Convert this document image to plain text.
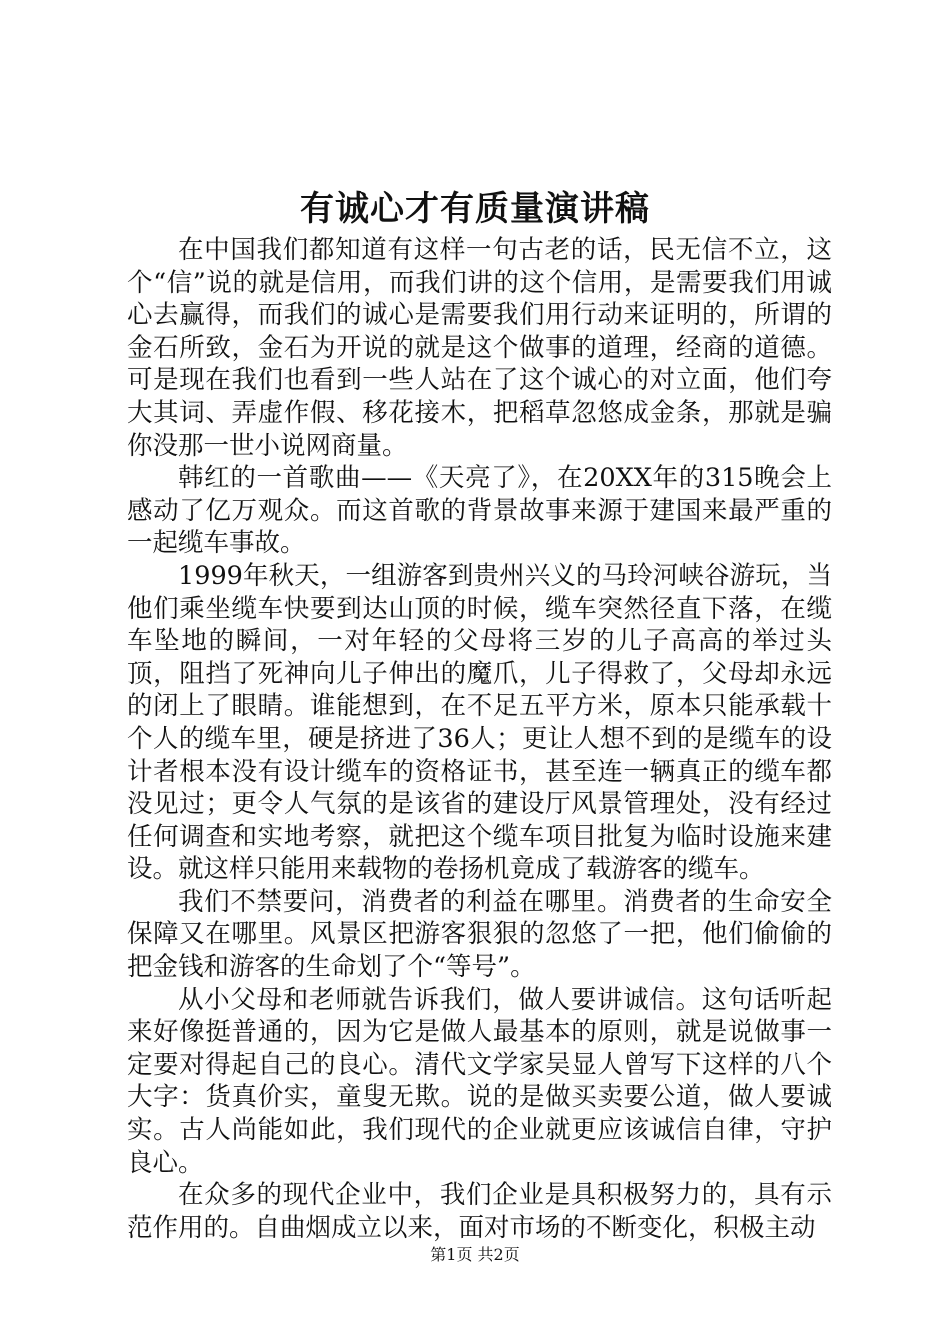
有诚心才有质量演讲稿

在中国我们都知道有这样一句古老的话，民无信不立，这个“信”说的就是信用，而我们讲的这个信用，是需要我们用诚心去赢得，而我们的诚心是需要我们用行动来证明的，所谓的金石所致，金石为开说的就是这个做事的道理，经商的道德。可是现在我们也看到一些人站在了这个诚心的对立面，他们夸大其词、弄虚作假、移花接木，把稻草忽悠成金条，那就是骗你没那一世小说网商量。

韩红的一首歌曲——《天亮了》，在20XX年的315晚会上感动了亿万观众。而这首歌的背景故事来源于建国来最严重的一起缆车事故。

1999年秋天，一组游客到贵州兴义的马玲河峡谷游玩，当他们乘坐缆车快要到达山顶的时候，缆车突然径直下落，在缆车坠地的瞬间，一对年轻的父母将三岁的儿子高高的举过头顶，阻挡了死神向儿子伸出的魔爪，儿子得救了，父母却永远的闭上了眼睛。谁能想到，在不足五平方米，原本只能承载十个人的缆车里，硬是挤进了36人；更让人想不到的是缆车的设计者根本没有设计缆车的资格证书，甚至连一辆真正的缆车都没见过；更令人气氛的是该省的建设厅风景管理处，没有经过任何调查和实地考察，就把这个缆车项目批复为临时设施来建设。就这样只能用来载物的卷扬机竟成了载游客的缆车。

我们不禁要问，消费者的利益在哪里。消费者的生命安全保障又在哪里。风景区把游客狠狠的忽悠了一把，他们偷偷的把金钱和游客的生命划了个“等号”。

从小父母和老师就告诉我们，做人要讲诚信。这句话听起来好像挺普通的，因为它是做人最基本的原则，就是说做事一定要对得起自己的良心。清代文学家吴显人曾写下这样的八个大字：货真价实，童叟无欺。说的是做买卖要公道，做人要诚实。古人尚能如此，我们现代的企业就更应该诚信自律，守护良心。

在众多的现代企业中，我们企业是具积极努力的，具有示范作用的。自曲烟成立以来，面对市场的不断变化，积极主动

第1页 共2页
